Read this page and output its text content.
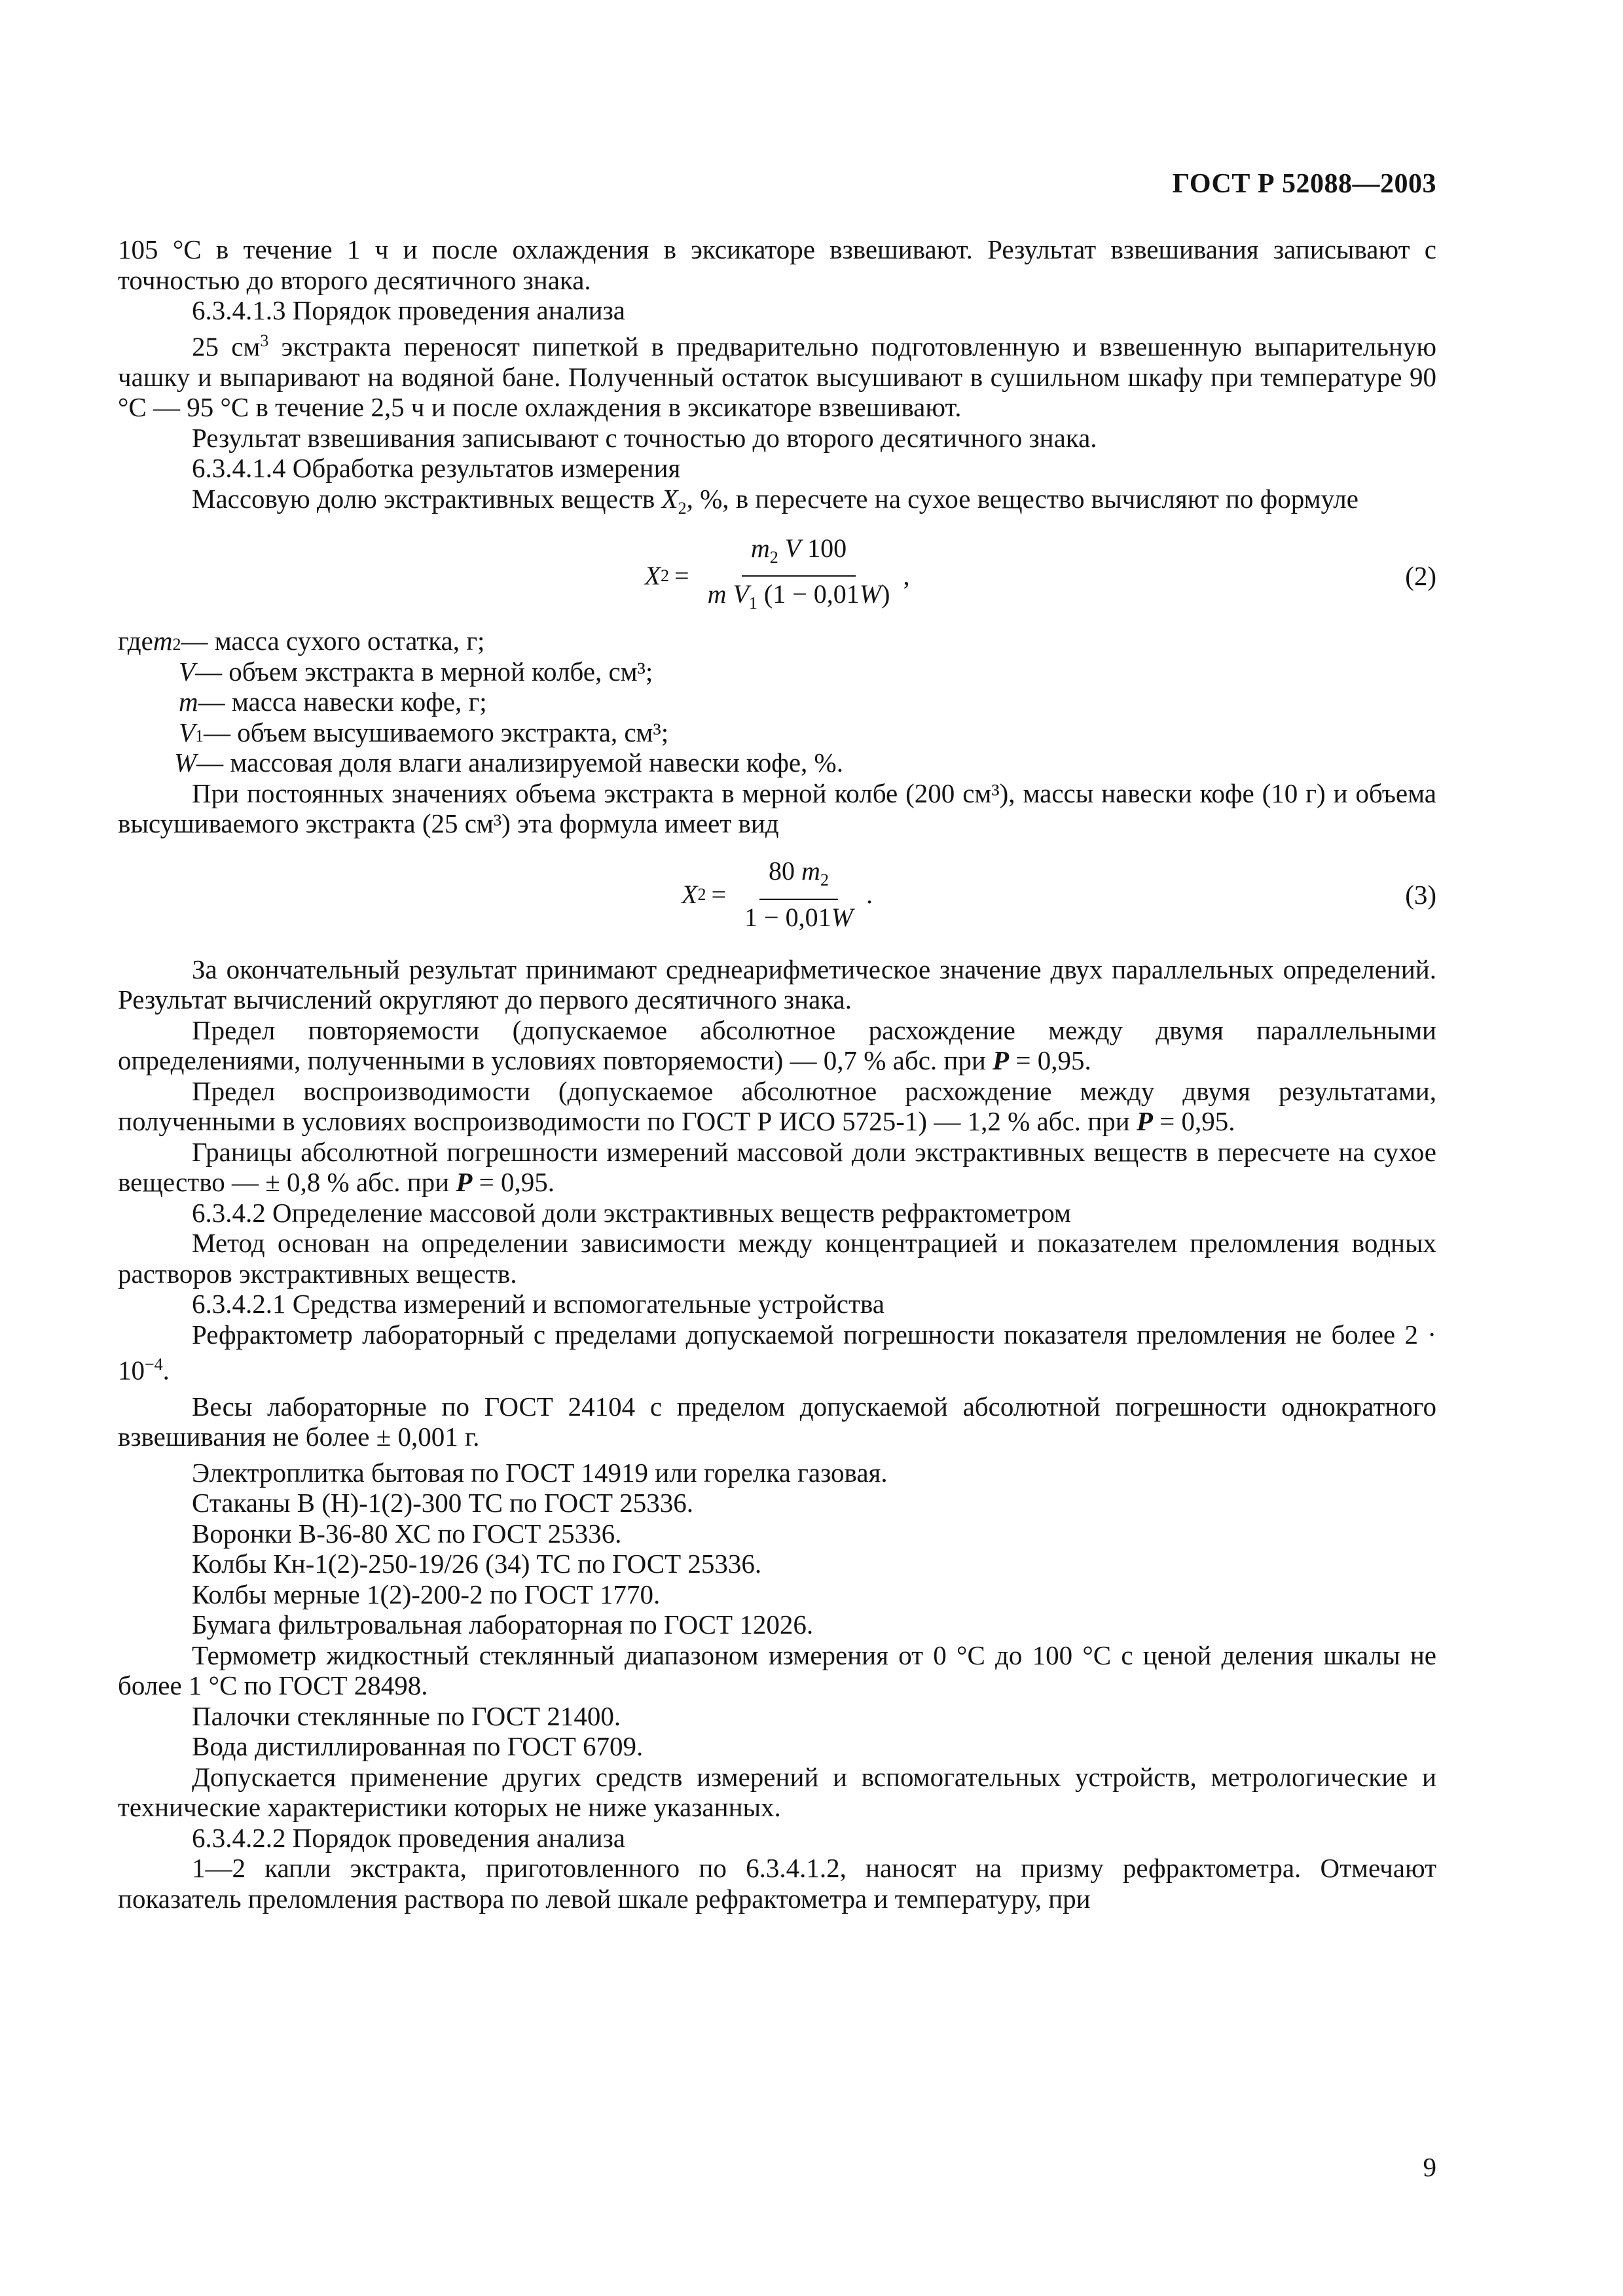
ГОСТ Р 52088—2003

105 °С в течение 1 ч и после охлаждения в эксикаторе взвешивают. Результат взвешивания записывают с точностью до второго десятичного знака.

6.3.4.1.3 Порядок проведения анализа

25 $см^3$ экстракта переносят пипеткой в предварительно подготовленную и взвешенную выпарительную чашку и выпаривают на водяной бане. Полученный остаток высушивают в сушильном шкафу при температуре 90 °С — 95 °С в течение 2,5 ч и после охлаждения в эксикаторе взвешивают.

Результат взвешивания записывают с точностью до второго десятичного знака.

6.3.4.1.4 Обработка результатов измерения

Массовую долю экстрактивных веществ $X_2$, %, в пересчете на сухое вещество вычисляют по формуле

X $2 = \frac{m_2 V 100}{m V_1 (1 - 0,01W)}$ ,	(2)
где m 2 — масса сухого остатка, г;
V — объем экстракта в мерной колбе, см³;
m — масса навески кофе, г;
V 1 — объем высушиваемого экстракта, см³;
W — массовая доля влаги анализируемой навески кофе, %.

При постоянных значениях объема экстракта в мерной колбе (200 см³), массы навески кофе (10 г) и объема высушиваемого экстракта (25 см³) эта формула имеет вид

X $2 = \frac{80 m_2}{1 - 0,01W}$ .	(3)

За окончательный результат принимают среднеарифметическое значение двух параллельных определений. Результат вычислений округляют до первого десятичного знака.

Предел повторяемости (допускаемое абсолютное расхождение между двумя параллельными определениями, полученными в условиях повторяемости) — 0,7 % абс. при P = 0,95.

Предел воспроизводимости (допускаемое абсолютное расхождение между двумя результатами, полученными в условиях воспроизводимости по ГОСТ Р ИСО 5725-1) — 1,2 % абс. при P = 0,95.

Границы абсолютной погрешности измерений массовой доли экстрактивных веществ в пересчете на сухое вещество — ± 0,8 % абс. при P = 0,95.

6.3.4.2 Определение массовой доли экстрактивных веществ рефрактометром

Метод основан на определении зависимости между концентрацией и показателем преломления водных растворов экстрактивных веществ.

6.3.4.2.1 Средства измерений и вспомогательные устройства

Рефрактометр лабораторный с пределами допускаемой погрешности показателя преломления не более $2 \cdot 10^{-4}$.

Весы лабораторные по ГОСТ 24104 с пределом допускаемой абсолютной погрешности однократного взвешивания не более ± 0,001 г.

Электроплитка бытовая по ГОСТ 14919 или горелка газовая.

Стаканы В (Н)-1(2)-300 ТС по ГОСТ 25336.

Воронки В-36-80 ХС по ГОСТ 25336.

Колбы Кн-1(2)-250-19/26 (34) ТС по ГОСТ 25336.

Колбы мерные 1(2)-200-2 по ГОСТ 1770.

Бумага фильтровальная лабораторная по ГОСТ 12026.

Термометр жидкостный стеклянный диапазоном измерения от 0 °С до 100 °С с ценой деления шкалы не более 1 °С по ГОСТ 28498.

Палочки стеклянные по ГОСТ 21400.

Вода дистиллированная по ГОСТ 6709.

Допускается применение других средств измерений и вспомогательных устройств, метрологические и технические характеристики которых не ниже указанных.

6.3.4.2.2 Порядок проведения анализа

1—2 капли экстракта, приготовленного по 6.3.4.1.2, наносят на призму рефрактометра. Отмечают показатель преломления раствора по левой шкале рефрактометра и температуру, при

9
